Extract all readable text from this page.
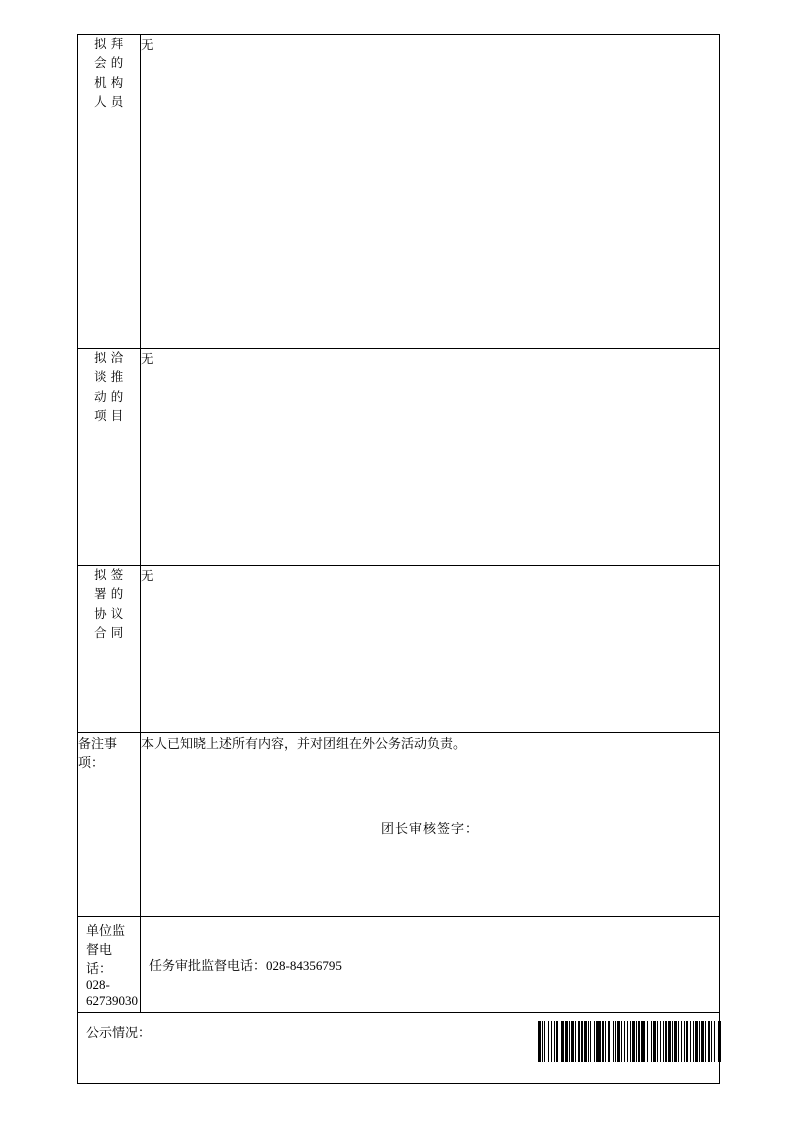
拟 拜
会 的
机 构
人 员	无

拟 洽
谈 推
动 的
项 目	无

拟 签
署 的
协 议
合 同	无
备注事项：	本人已知晓上述所有内容，并对团组在外公务活动负责。
团长审核签字：

单位监督电话：028-62739030	任务审批监督电话：028-84356795
公示情况：	
